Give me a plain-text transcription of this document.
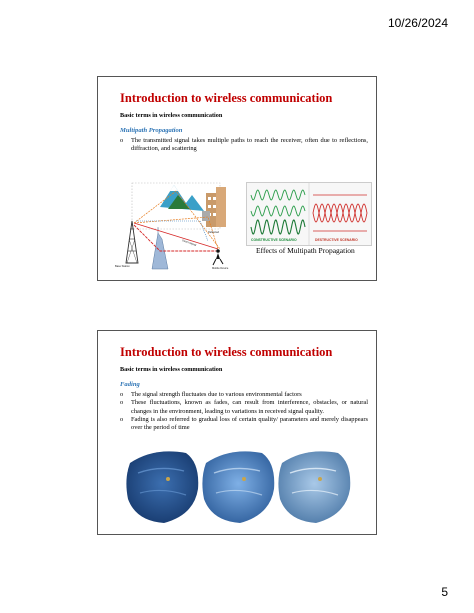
10/26/2024
Introduction to wireless communication
Basic terms in wireless communication
Multipath Propagation
o The transmitted signal takes multiple paths to reach the receiver, often due to reflections, diffraction, and scattering
Base Station
Direct Signal
Reflected
Mobile Device
CONSTRUCTIVE SCENARIO	DESTRUCTIVE SCENARIO
Effects of Multipath Propagation
Introduction to wireless communication
Basic terms in wireless communication
Fading
o The signal strength fluctuates due to various environmental factors
o These fluctuations, known as fades, can result from interference, obstacles, or natural changes in the environment, leading to variations in received signal quality.
o Fading is also referred to gradual loss of certain quality/ parameters and merely disappears over the period of time
5
